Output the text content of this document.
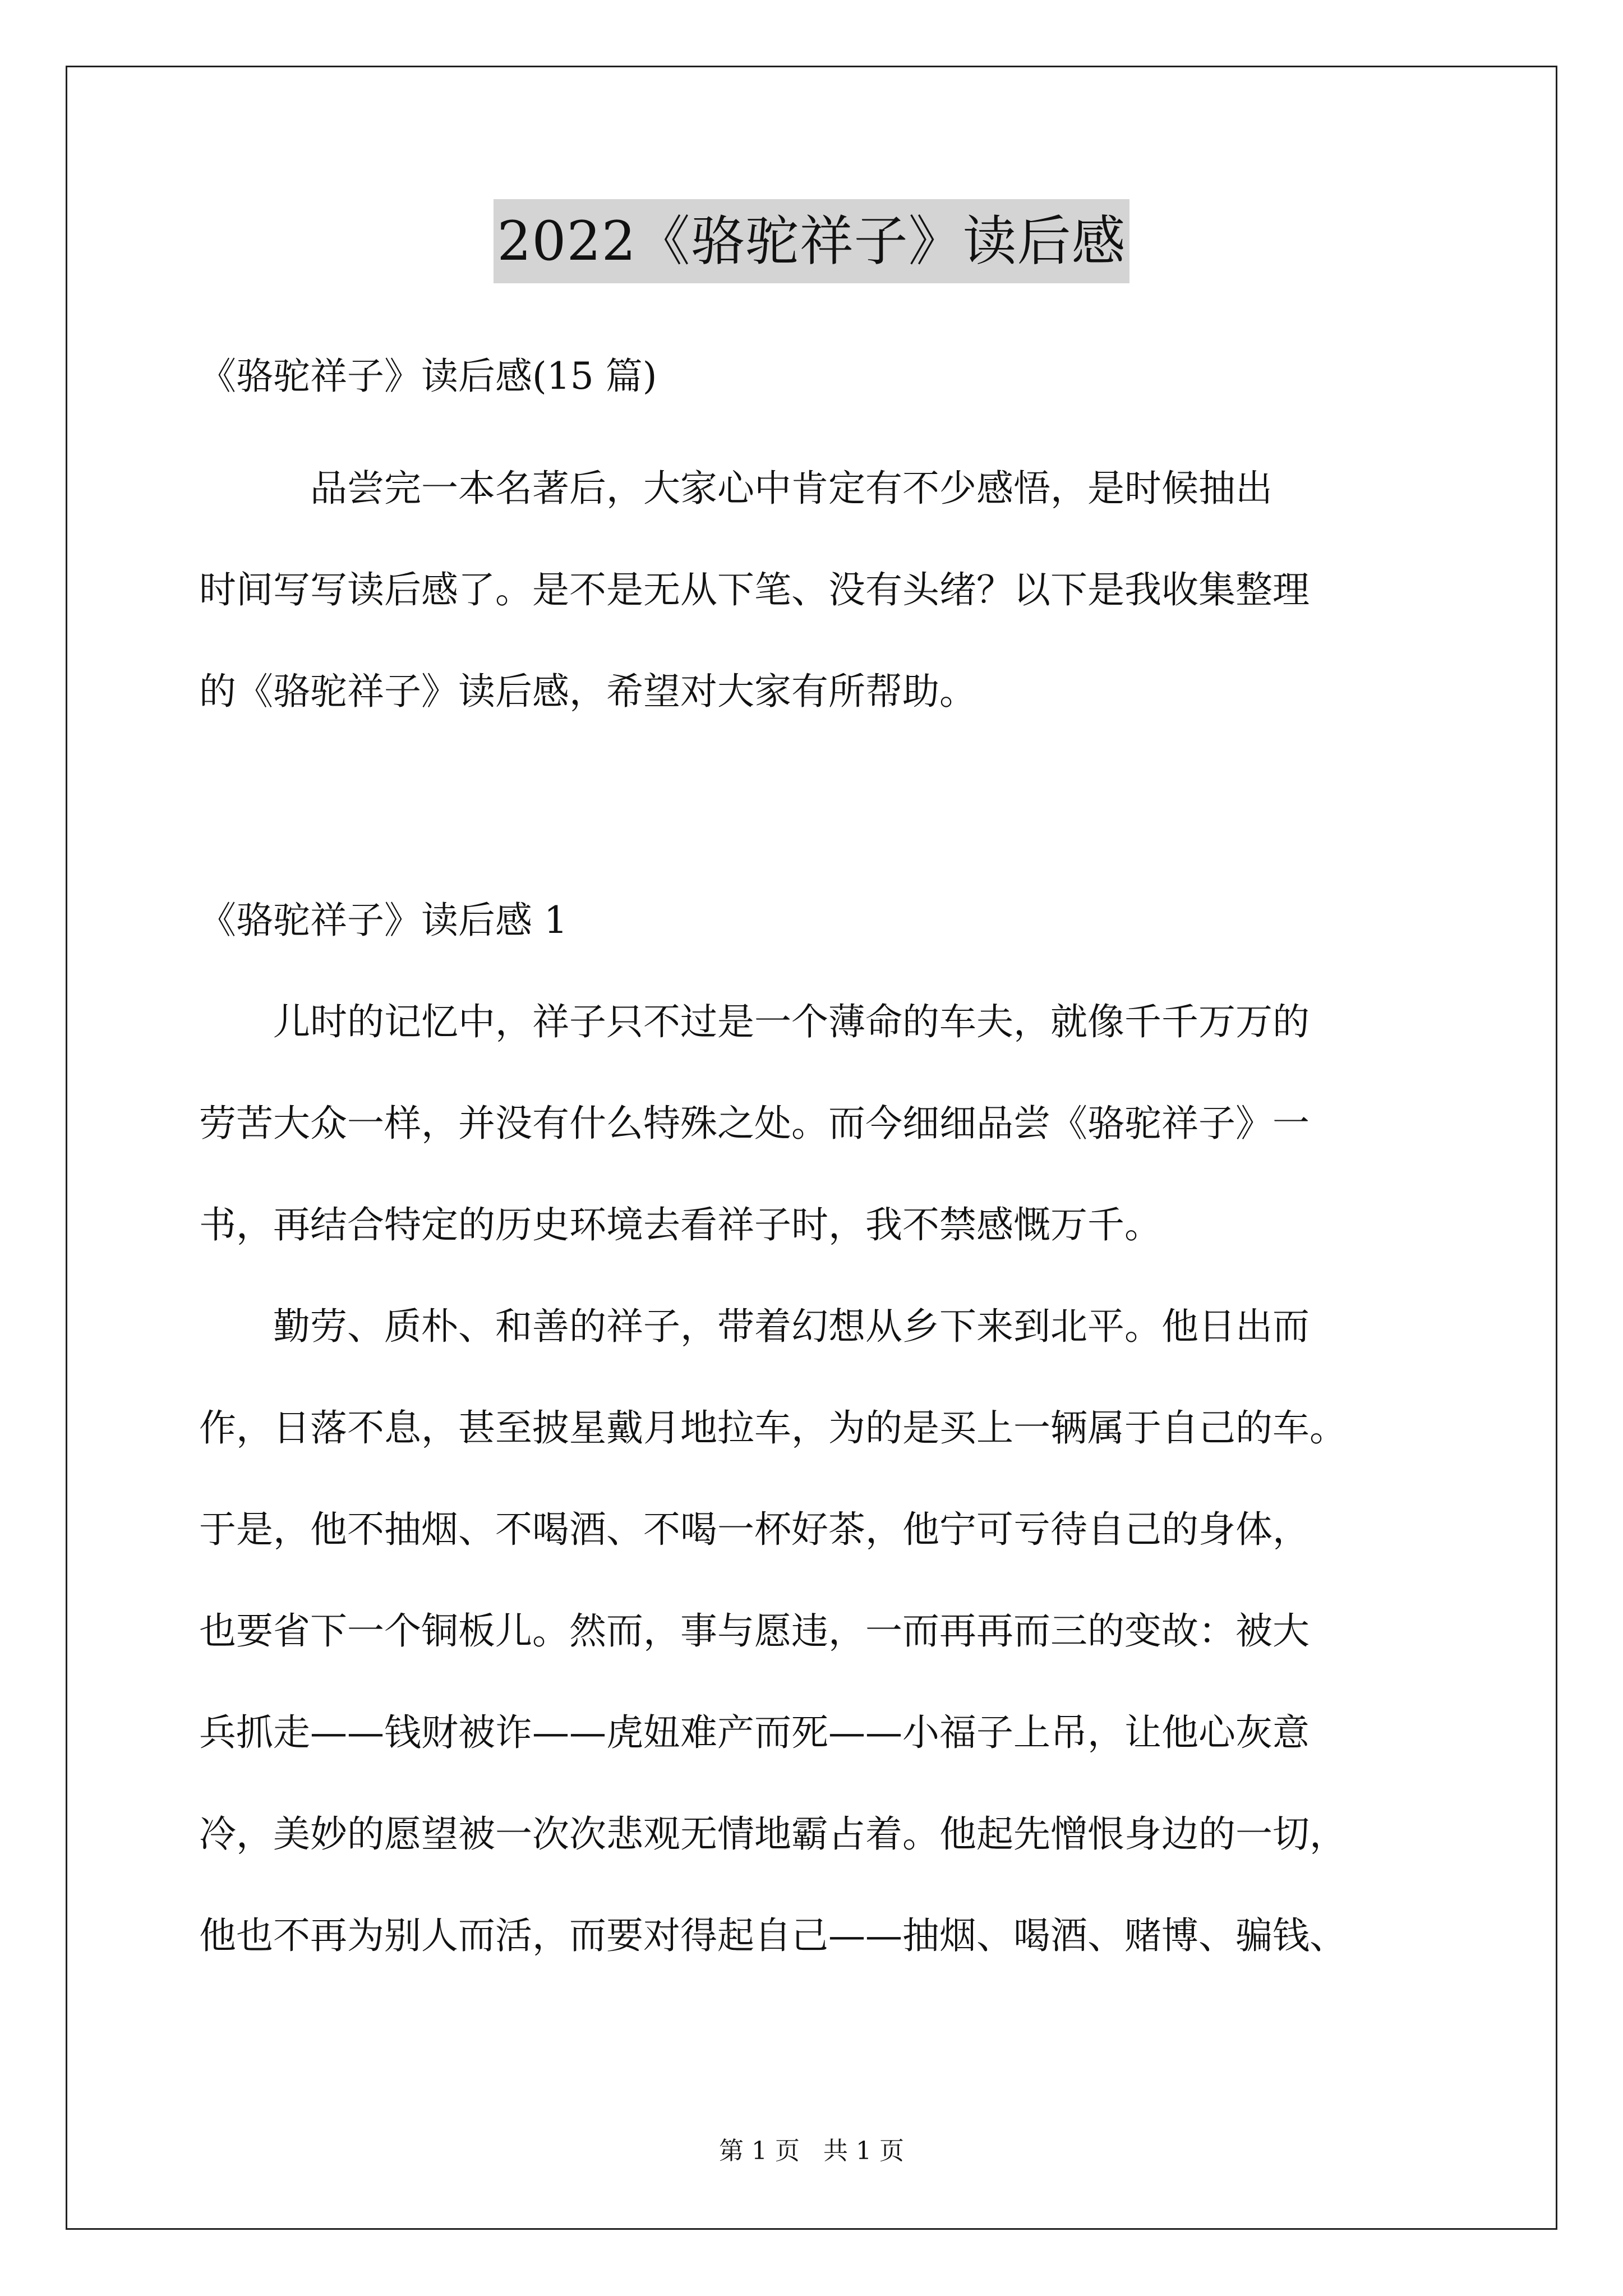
2022《骆驼祥子》读后感

《骆驼祥子》读后感(15 篇)

　　　品尝完一本名著后，大家心中肯定有不少感悟，是时候抽出

时间写写读后感了。是不是无从下笔、没有头绪？以下是我收集整理

的《骆驼祥子》读后感，希望对大家有所帮助。

《骆驼祥子》读后感 1

　　儿时的记忆中，祥子只不过是一个薄命的车夫，就像千千万万的

劳苦大众一样，并没有什么特殊之处。而今细细品尝《骆驼祥子》一

书，再结合特定的历史环境去看祥子时，我不禁感慨万千。

　　勤劳、质朴、和善的祥子，带着幻想从乡下来到北平。他日出而

作，日落不息，甚至披星戴月地拉车，为的是买上一辆属于自己的车。

于是，他不抽烟、不喝酒、不喝一杯好茶，他宁可亏待自己的身体，

也要省下一个铜板儿。然而，事与愿违，一而再再而三的变故：被大

兵抓走——钱财被诈——虎妞难产而死——小福子上吊，让他心灰意

冷，美妙的愿望被一次次悲观无情地霸占着。他起先憎恨身边的一切，

他也不再为别人而活，而要对得起自己——抽烟、喝酒、赌博、骗钱、

第 1 页 共 1 页
